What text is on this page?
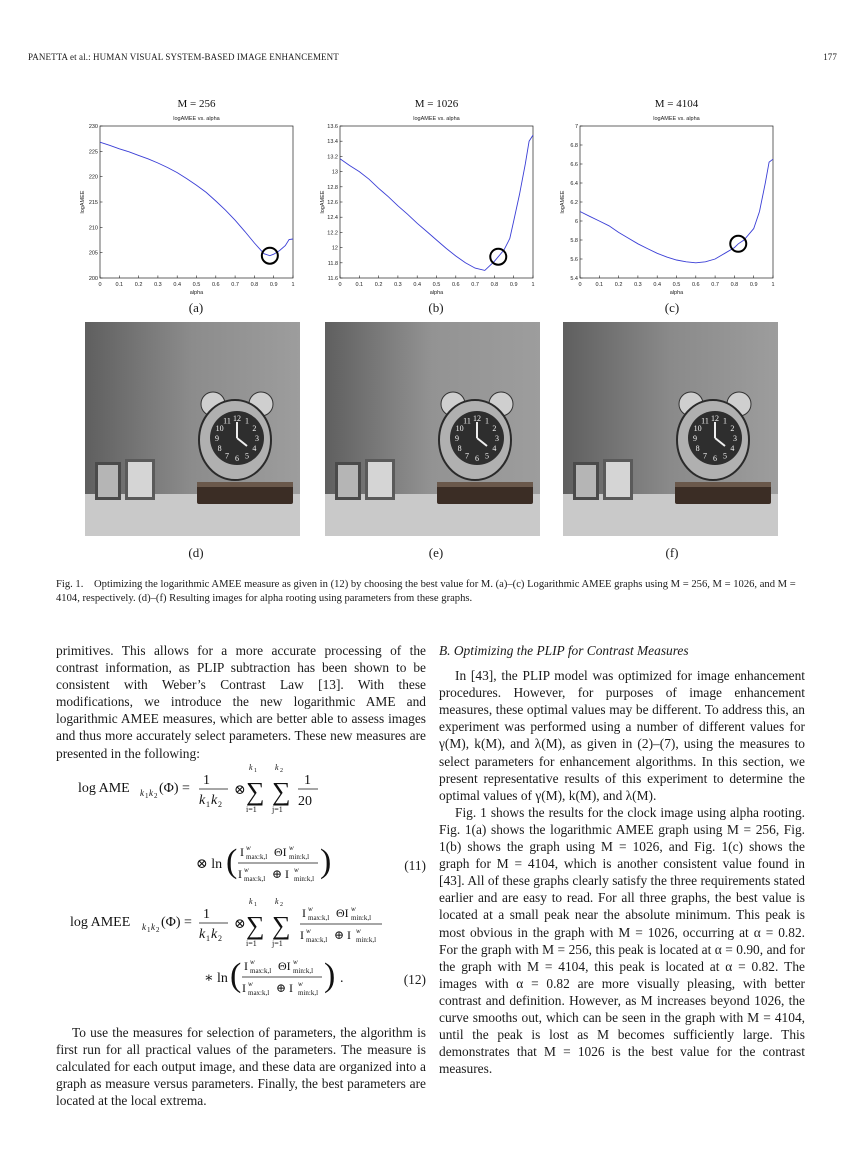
PANETTA et al.: HUMAN VISUAL SYSTEM-BASED IMAGE ENHANCEMENT	177
M = 256
logAMEE vs. alpha
0	0.1 0.2 0.3 0.4 0.5 0.6 0.7 0.8 0.9	1
200
205
210
215
220
225
230
alpha
logAMEE
M = 1026
logAMEE vs. alpha
0	0.1 0.2 0.3 0.4 0.5 0.6 0.7 0.8 0.9	1
11.6
11.8
12
12.2
12.4
12.6
12.8
13
13.2
13.4
13.6
alpha
logAMEE
M = 4104
logAMEE vs. alpha
0	0.1 0.2 0.3 0.4 0.5 0.6 0.7 0.8 0.9	1
5.4
5.6
5.8
6
6.2
6.4
6.6
6.8
7
alpha
logAMEE
(a)	(b)	(c)
12 1
2
3
4
5
6
7
8
9
10
11	12 1
2
3
4
5
6
7
8
9
10
11	12 1
2
3
4
5
6
7
8
9
10
11
(d)	(e)	(f)
Fig. 1. Optimizing the logarithmic AMEE measure as given in (12) by choosing the best value for M. (a)–(c) Logarithmic AMEE graphs using M = 256, M = 1026, and M = 4104, respectively. (d)–(f) Resulting images for alpha rooting using parameters from these graphs.

primitives. This allows for a more accurate processing of the contrast information, as PLIP subtraction has been shown to be consistent with Weber’s Contrast Law [13]. With these modifications, we introduce the new logarithmic AME and logarithmic AMEE measures, which are better able to assess images and thus more accurately select parameters. These new measures are presented in the following:

log AME k 1 k 2 (Φ) =
1
k 1 k 2
⊗
k 1
∑
i=1
k 2
∑
j=1
1
20
⊗ ln ( I max:k,l
w ΘI min:k,l
w
I max:k,l
w ⊕ I min:k,l
w )
log AMEE k 1 k 2 (Φ) =
1
k 1 k 2
⊗
k 1
∑
i=1
k 2
∑
j=1
I max:k,l
w ΘI min:k,l
w
I max:k,l
w ⊕ I min:k,l
w
∗ ln ( I max:k,l
w ΘI min:k,l
w
I max:k,l
w ⊕ I min:k,l
w ) .
(11)
(12)

To use the measures for selection of parameters, the algorithm is first run for all practical values of the parameters. The measure is calculated for each output image, and these data are organized into a graph as measure versus parameters. Finally, the best parameters are located at the local extrema.

B. Optimizing the PLIP for Contrast Measures

In [43], the PLIP model was optimized for image enhancement procedures. However, for purposes of image enhancement measures, these optimal values may be different. To address this, an experiment was performed using a number of different values for γ(M), k(M), and λ(M), as given in (2)–(7), using the measures to select parameters for enhancement algorithms. In this section, we present representative results of this experiment to determine the optimal values of γ(M), k(M), and λ(M).

Fig. 1 shows the results for the clock image using alpha rooting. Fig. 1(a) shows the logarithmic AMEE graph using M = 256, Fig. 1(b) shows the graph using M = 1026, and Fig. 1(c) shows the graph for M = 4104, which is another consistent value found in [43]. All of these graphs clearly satisfy the three requirements stated earlier and are easy to read. For all three graphs, the best value is located at a small peak near the absolute minimum. This peak is most obvious in the graph with M = 1026, occurring at α = 0.82. For the graph with M = 256, this peak is located at α = 0.90, and for the graph with M = 4104, this peak is located at α = 0.82. The images with α = 0.82 are more visually pleasing, with better contrast and definition. However, as M increases beyond 1026, the curve smooths out, which can be seen in the graph with M = 4104, until the peak is lost as M becomes sufficiently large. This demonstrates that M = 1026 is the best value for the contrast measures.
